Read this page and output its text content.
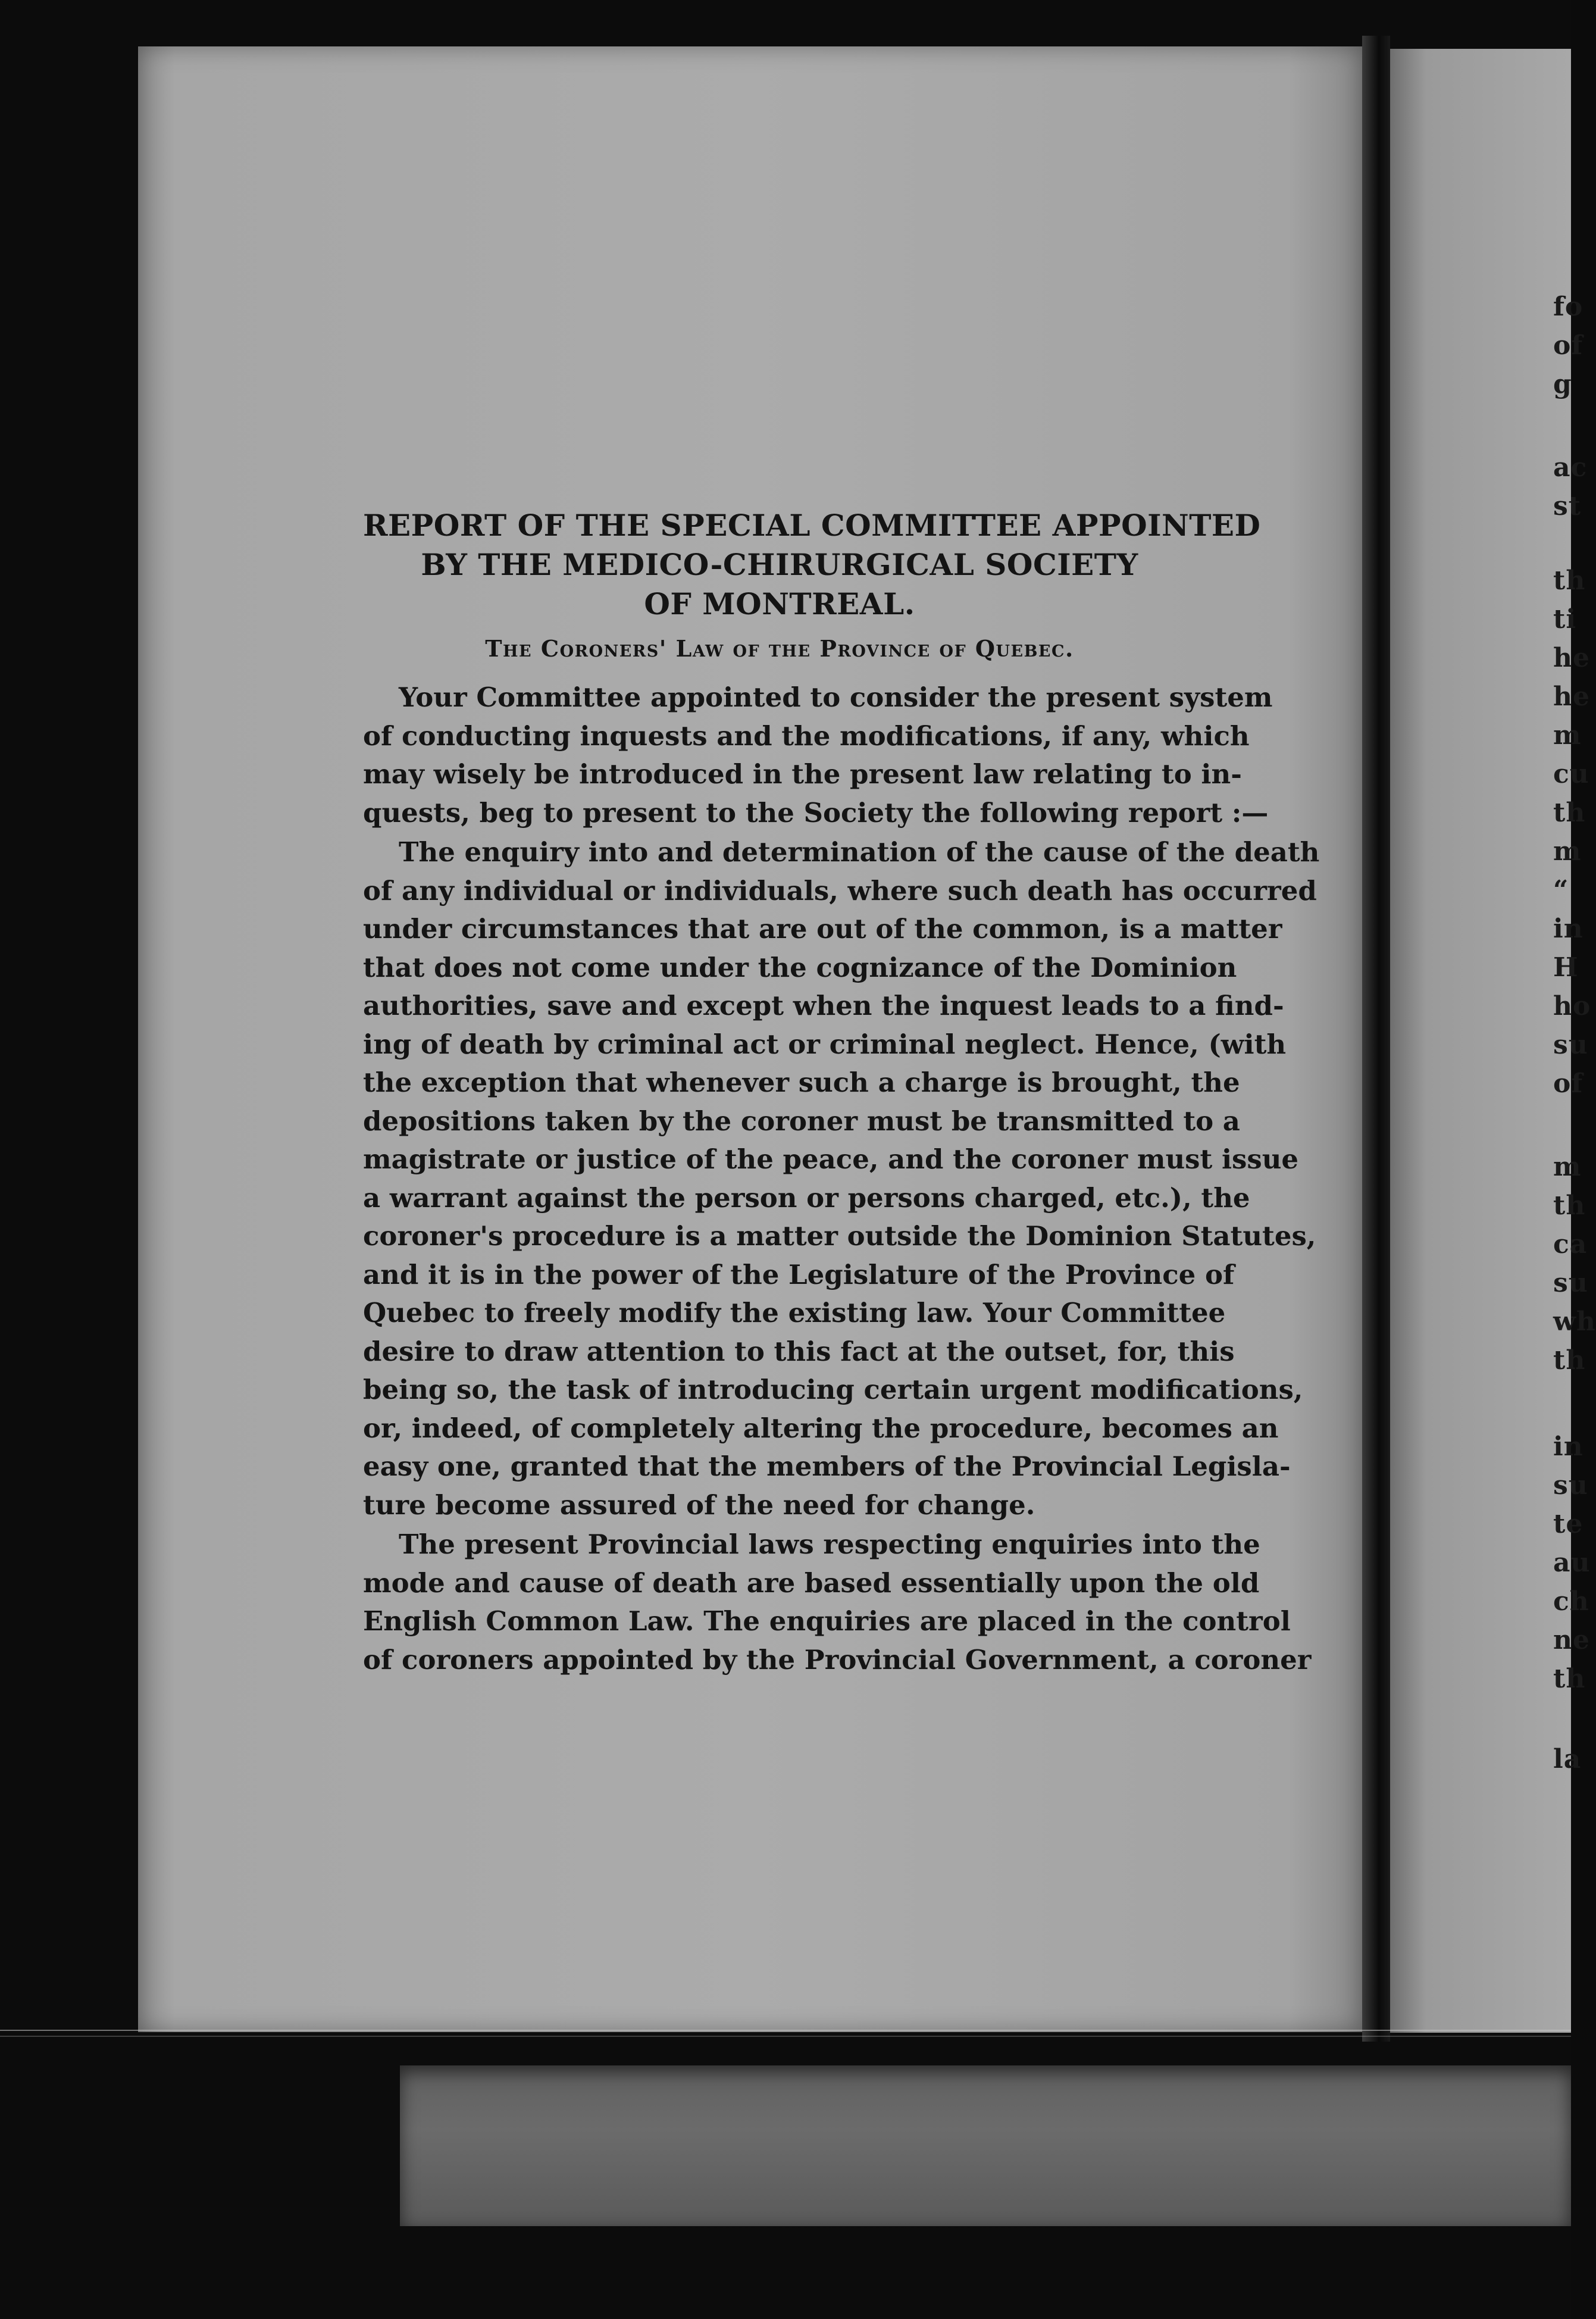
fo
of
g
ac
st
th
ti
he
he
m
cu
th
m
“
in
H
ho
su
of
m
th
ca
su
wh
th
in
su
te
au
ch
ne
th
la
REPORT OF THE SPECIAL COMMITTEE APPOINTED
BY THE MEDICO-CHIRURGICAL SOCIETY
OF MONTREAL.
The Coroners' Law of the Province of Quebec.
Your Committee appointed to consider the present system
of conducting inquests and the modifications, if any, which
may wisely be introduced in the present law relating to in-
quests, beg to present to the Society the following report :—
The enquiry into and determination of the cause of the death
of any individual or individuals, where such death has occurred
under circumstances that are out of the common, is a matter
that does not come under the cognizance of the Dominion
authorities, save and except when the inquest leads to a find-
ing of death by criminal act or criminal neglect. Hence, (with
the exception that whenever such a charge is brought, the
depositions taken by the coroner must be transmitted to a
magistrate or justice of the peace, and the coroner must issue
a warrant against the person or persons charged, etc.), the
coroner's procedure is a matter outside the Dominion Statutes,
and it is in the power of the Legislature of the Province of
Quebec to freely modify the existing law. Your Committee
desire to draw attention to this fact at the outset, for, this
being so, the task of introducing certain urgent modifications,
or, indeed, of completely altering the procedure, becomes an
easy one, granted that the members of the Provincial Legisla-
ture become assured of the need for change.
The present Provincial laws respecting enquiries into the
mode and cause of death are based essentially upon the old
English Common Law. The enquiries are placed in the control
of coroners appointed by the Provincial Government, a coroner
